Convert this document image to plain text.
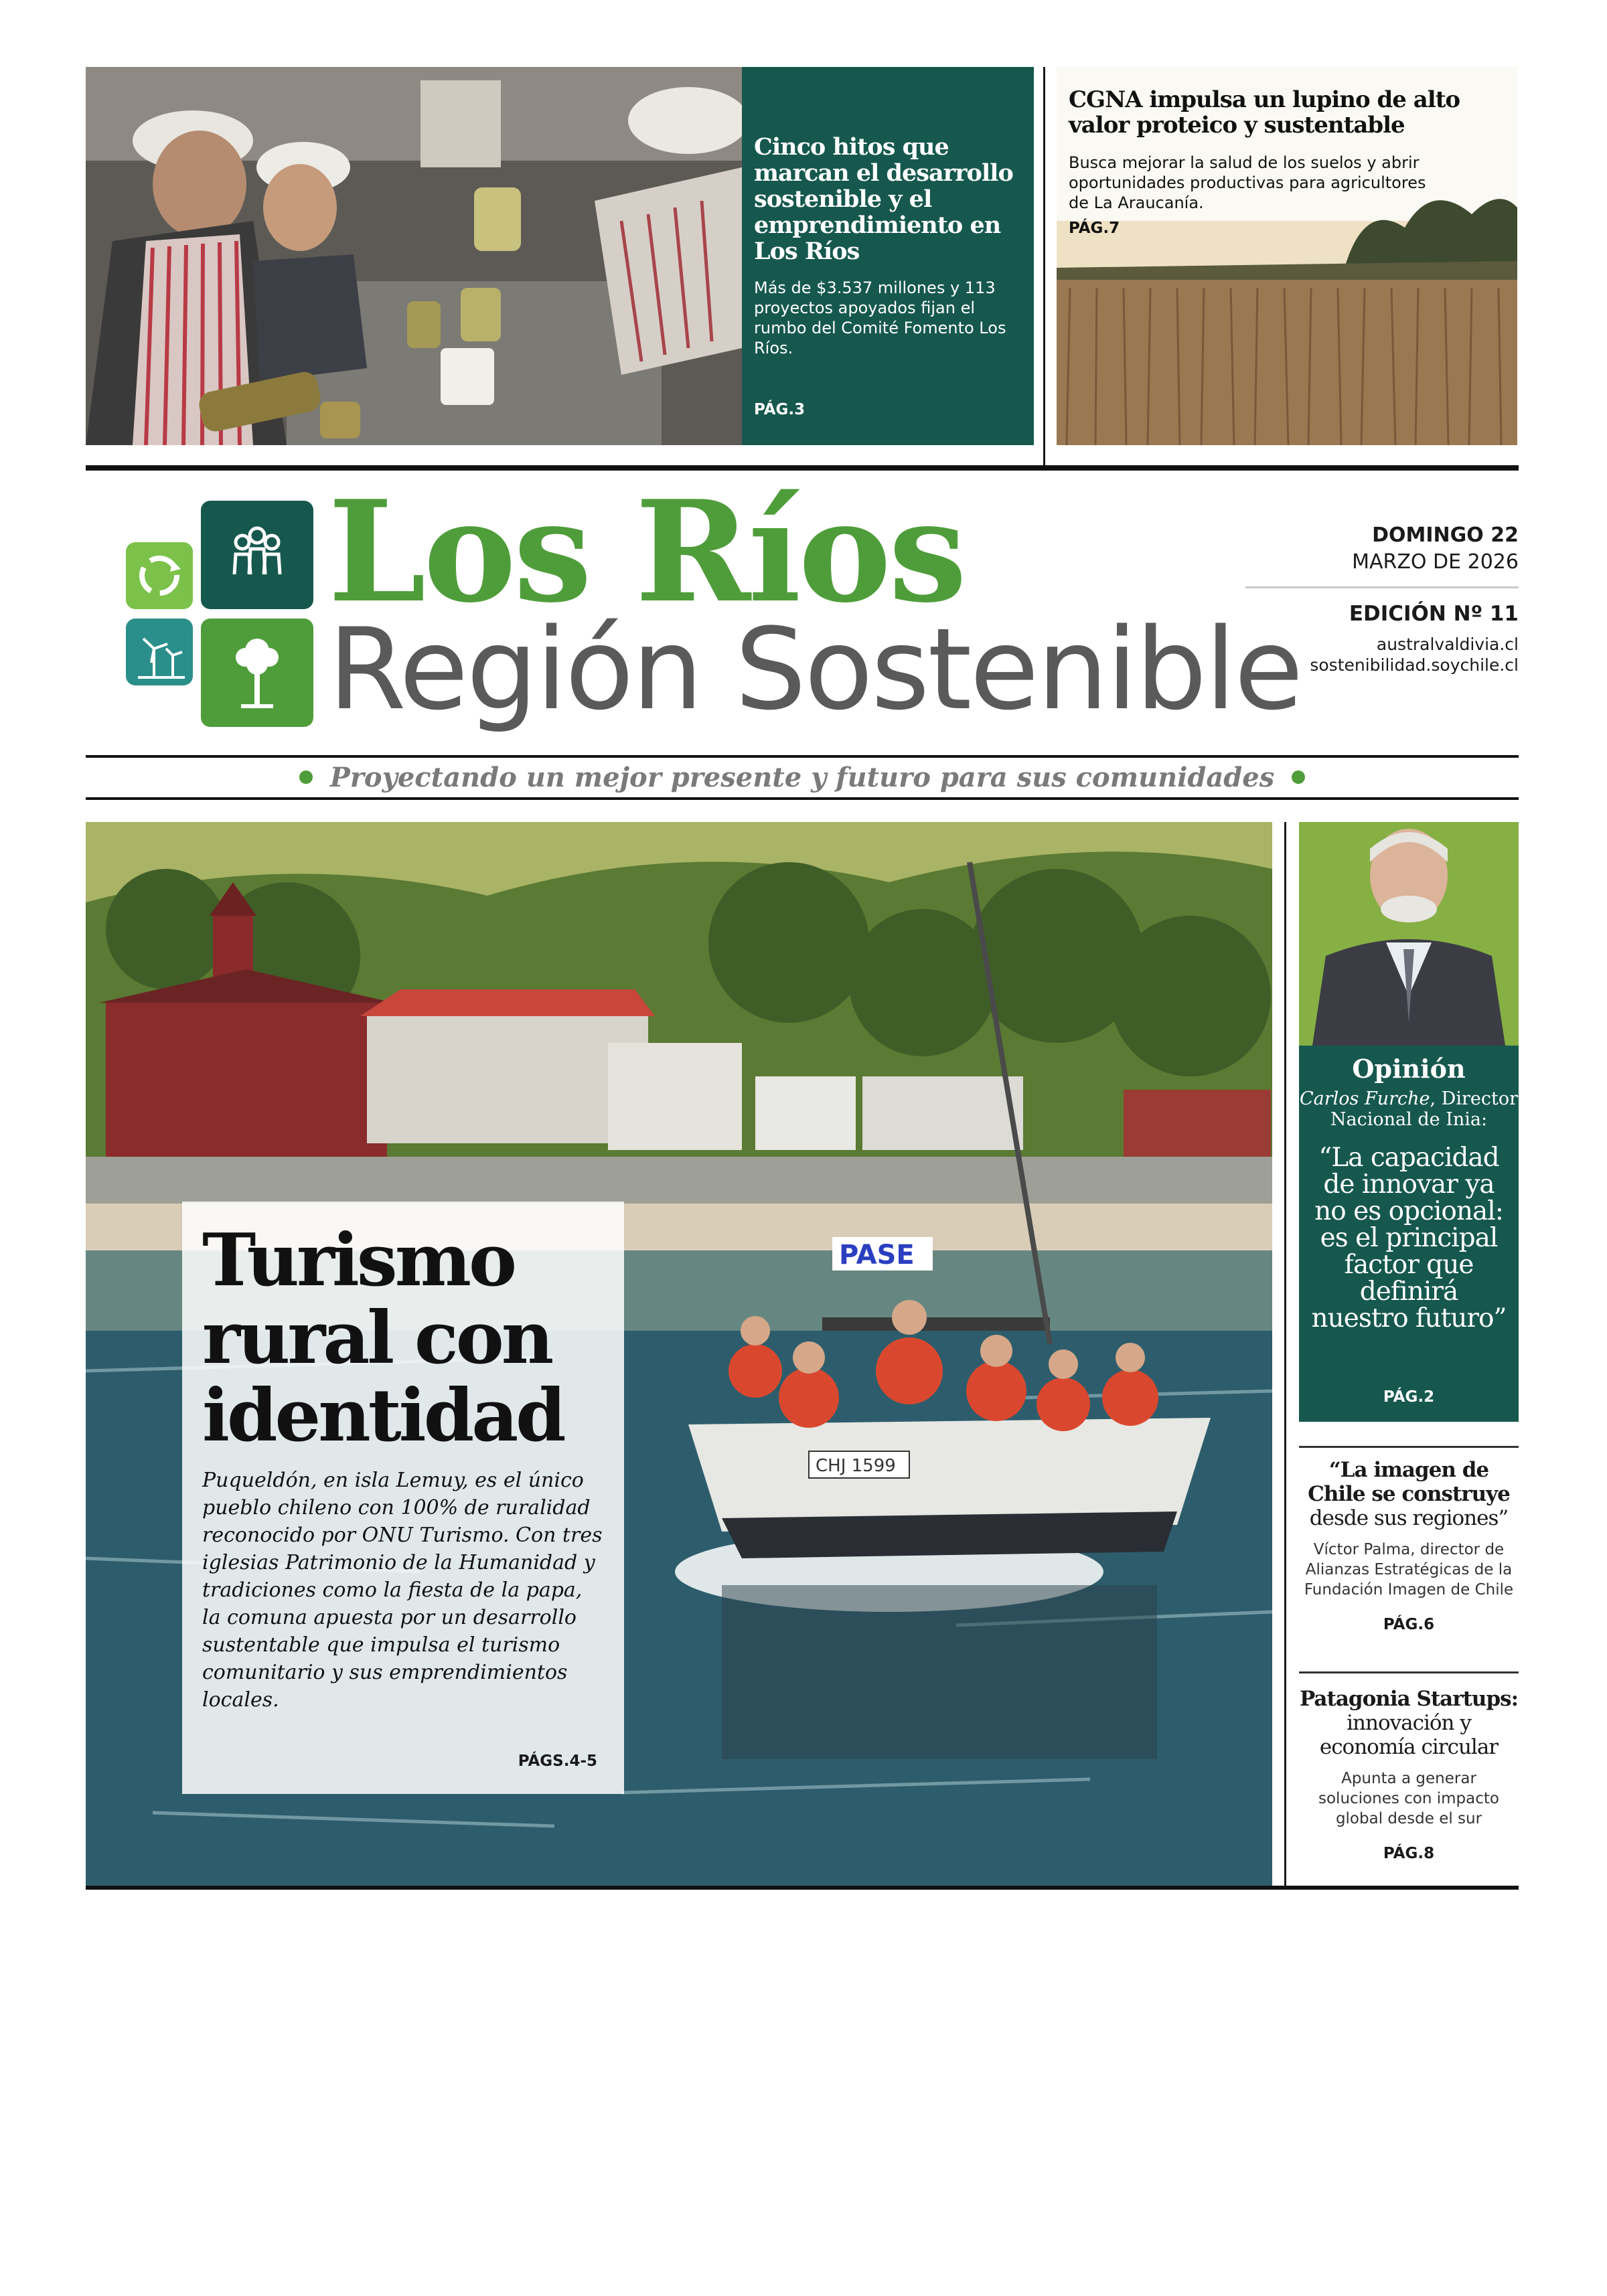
Cinco hitos que marcan el desarrollo sostenible y el emprendimiento en Los Ríos
Más de $3.537 millones y 113 proyectos apoyados fijan el rumbo del Comité Fomento Los Ríos.
PÁG.3
CGNA impulsa un lupino de alto valor proteico y sustentable
Busca mejorar la salud de los suelos y abrir oportunidades productivas para agricultores de La Araucanía.
PÁG.7
Los Ríos
Región Sostenible
DOMINGO 22
MARZO DE 2026
EDICIÓN Nº 11
australvaldivia.cl
sostenibilidad.soychile.cl
Proyectando un mejor presente y futuro para sus comunidades
PASE
CHJ 1599
Turismo rural con identidad
Puqueldón, en isla Lemuy, es el único pueblo chileno con 100% de ruralidad reconocido por ONU Turismo. Con tres iglesias Patrimonio de la Humanidad y tradiciones como la fiesta de la papa, la comuna apuesta por un desarrollo sustentable que impulsa el turismo comunitario y sus emprendimientos locales.
PÁGS.4-5
Opinión
Carlos Furche, Director Nacional de Inia:
“La capacidad de innovar ya no es opcional: es el principal factor que definirá nuestro futuro”
PÁG.2
“La imagen de Chile se construye desde sus regiones”
Víctor Palma, director de Alianzas Estratégicas de la Fundación Imagen de Chile
PÁG.6
Patagonia Startups: innovación y economía circular
Apunta a generar soluciones con impacto global desde el sur
PÁG.8
